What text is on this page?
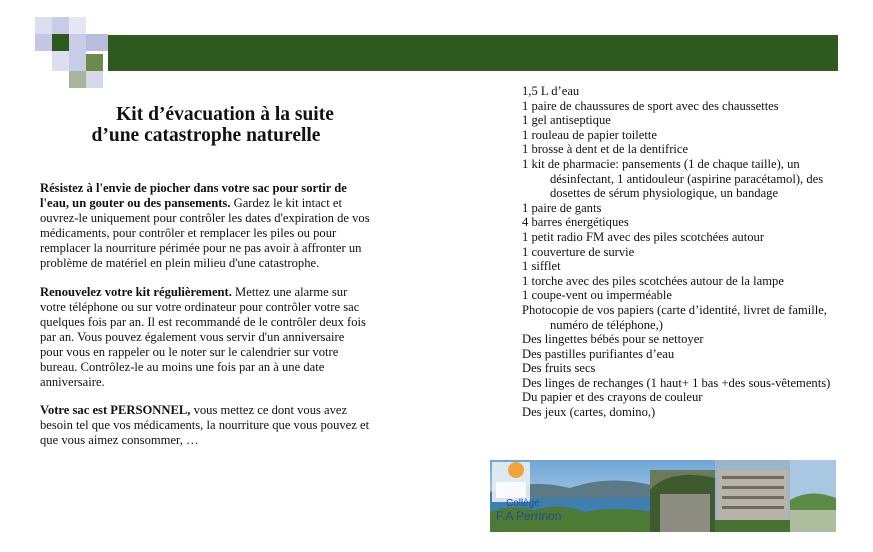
Kit d’évacuation à la suite
d’une catastrophe naturelle

Résistez à l'envie de piocher dans votre sac pour sortir de l'eau, un gouter ou des pansements. Gardez le kit intact et ouvrez-le uniquement pour contrôler les dates d'expiration de vos médicaments, pour contrôler et remplacer les piles ou pour remplacer la nourriture périmée pour ne pas avoir à affronter un problème de matériel en plein milieu d'une catastrophe.

Renouvelez votre kit régulièrement. Mettez une alarme sur votre téléphone ou sur votre ordinateur pour contrôler votre sac quelques fois par an. Il est recommandé de le contrôler deux fois par an. Vous pouvez également vous servir d'un anniversaire pour vous en rappeler ou le noter sur le calendrier sur votre bureau. Contrôlez-le au moins une fois par an à une date anniversaire.

Votre sac est PERSONNEL, vous mettez ce dont vous avez besoin tel que vos médicaments, la nourriture que vous pouvez et que vous aimez consommer, …

1,5 L d’eau
1 paire de chaussures de sport avec des chaussettes
1 gel antiseptique
1 rouleau de papier toilette
1 brosse à dent et de la dentifrice
1 kit de pharmacie: pansements (1 de chaque taille), un désinfectant, 1 antidouleur (aspirine paracétamol), des dosettes de sérum physiologique, un bandage
1 paire de gants
4 barres énergétiques
1 petit radio FM avec des piles scotchées autour
1 couverture de survie
1 sifflet
1 torche avec des piles scotchées autour de la lampe
1 coupe-vent ou imperméable
Photocopie de vos papiers (carte d’identité, livret de famille, numéro de téléphone,)
Des lingettes bébés pour se nettoyer
Des pastilles purifiantes d’eau
Des fruits secs
Des linges de rechanges (1 haut+ 1 bas +des sous-vêtements)
Du papier et des crayons de couleur
Des jeux (cartes, domino,)
Collège
F.A Perrinon
